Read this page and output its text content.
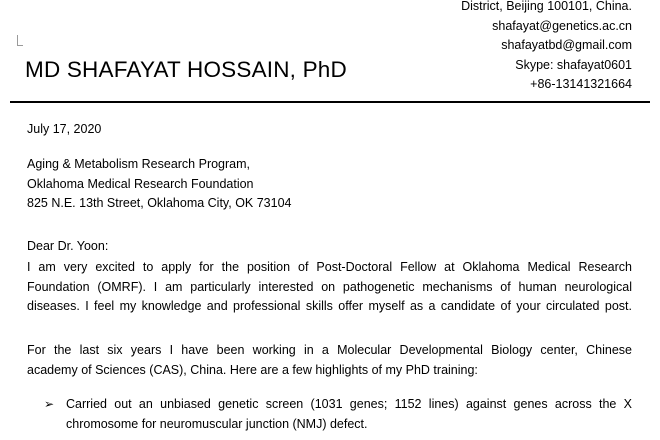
District, Beijing 100101, China.
shafayat@genetics.ac.cn
shafayatbd@gmail.com
Skype: shafayat0601
+86-13141321664
MD SHAFAYAT HOSSAIN, PhD
July 17, 2020
Aging & Metabolism Research Program,
Oklahoma Medical Research Foundation
825 N.E. 13th Street, Oklahoma City, OK 73104
Dear Dr. Yoon:
I am very excited to apply for the position of Post-Doctoral Fellow at Oklahoma Medical Research
Foundation (OMRF). I am particularly interested on pathogenetic mechanisms of human neurological
diseases. I feel my knowledge and professional skills offer myself as a candidate of your circulated post.
For the last six years I have been working in a Molecular Developmental Biology center, Chinese
academy of Sciences (CAS), China. Here are a few highlights of my PhD training:
➢ Carried out an unbiased genetic screen (1031 genes; 1152 lines) against genes across the X
chromosome for neuromuscular junction (NMJ) defect.
